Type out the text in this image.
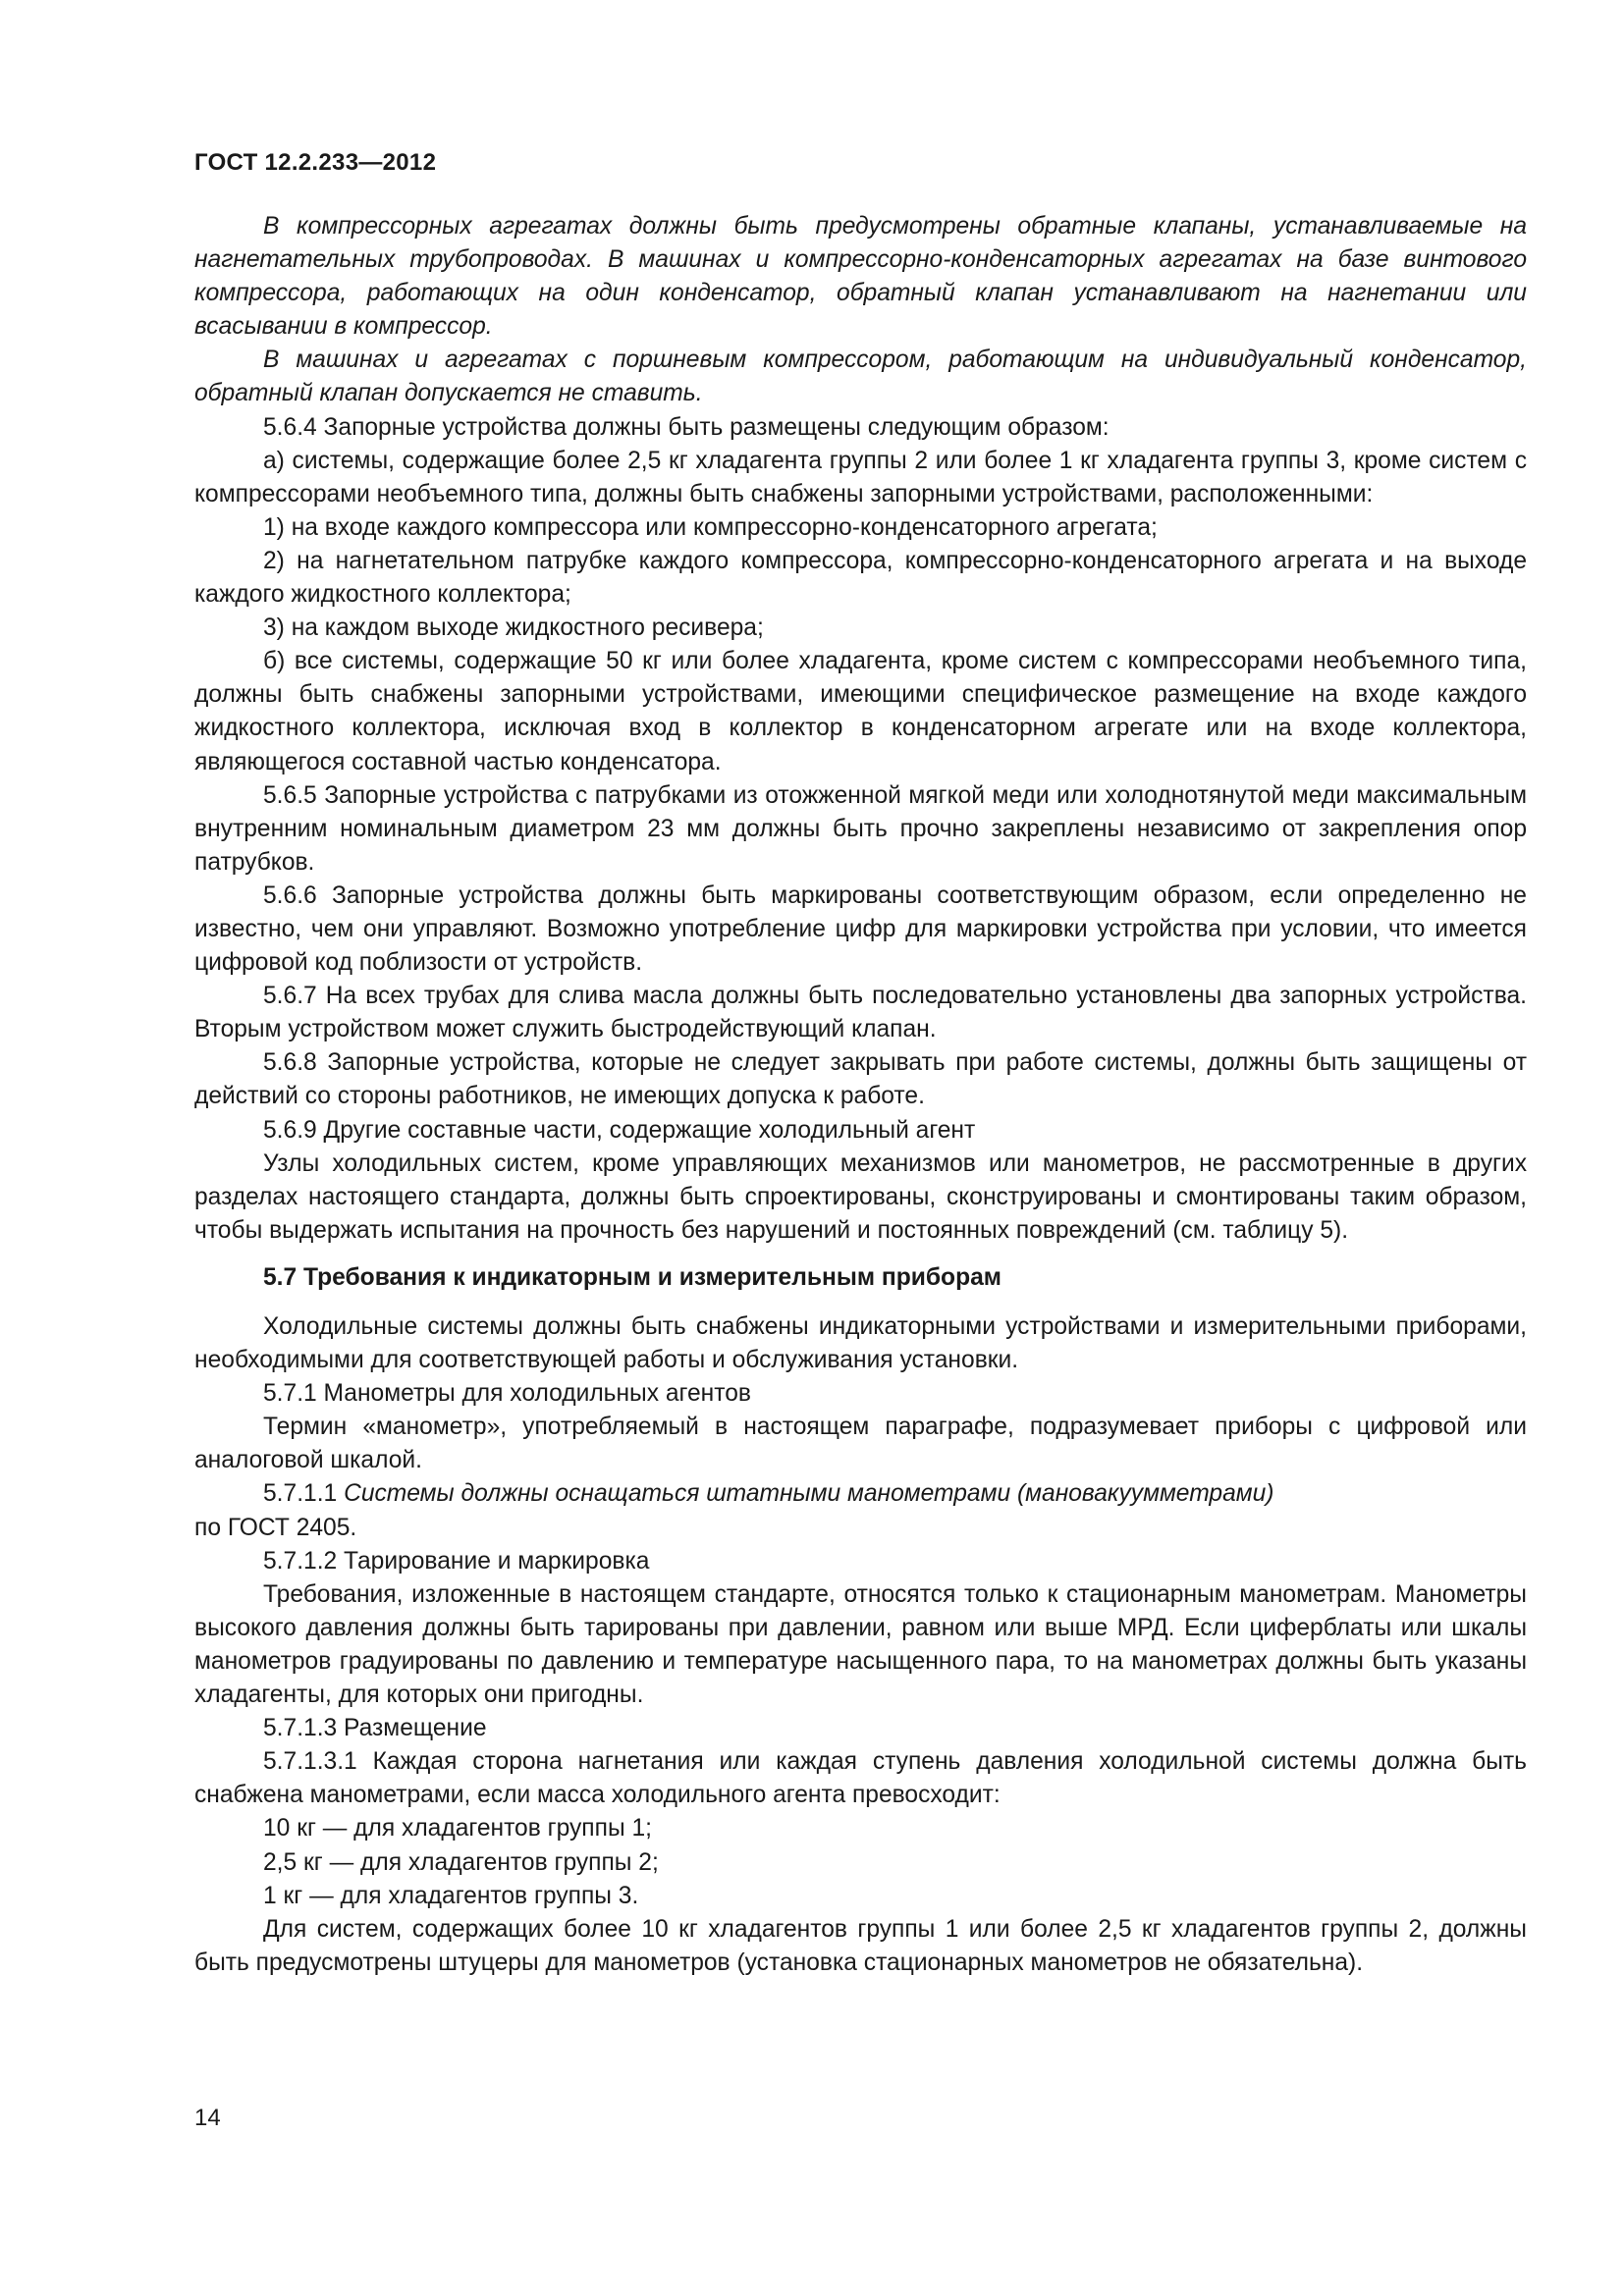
ГОСТ 12.2.233—2012

В компрессорных агрегатах должны быть предусмотрены обратные клапаны, устанавливаемые на нагнетательных трубопроводах. В машинах и компрессорно-конденсаторных агрегатах на базе винтового компрессора, работающих на один конденсатор, обратный клапан устанавливают на нагнетании или всасывании в компрессор.

В машинах и агрегатах с поршневым компрессором, работающим на индивидуальный конденсатор, обратный клапан допускается не ставить.

5.6.4 Запорные устройства должны быть размещены следующим образом:

а) системы, содержащие более 2,5 кг хладагента группы 2 или более 1 кг хладагента группы 3, кроме систем с компрессорами необъемного типа, должны быть снабжены запорными устройствами, расположенными:

1) на входе каждого компрессора или компрессорно-конденсаторного агрегата;

2) на нагнетательном патрубке каждого компрессора, компрессорно-конденсаторного агрегата и на выходе каждого жидкостного коллектора;

3) на каждом выходе жидкостного ресивера;

б) все системы, содержащие 50 кг или более хладагента, кроме систем с компрессорами необъемного типа, должны быть снабжены запорными устройствами, имеющими специфическое размещение на входе каждого жидкостного коллектора, исключая вход в коллектор в конденсаторном агрегате или на входе коллектора, являющегося составной частью конденсатора.

5.6.5 Запорные устройства с патрубками из отожженной мягкой меди или холоднотянутой меди максимальным внутренним номинальным диаметром 23 мм должны быть прочно закреплены независимо от закрепления опор патрубков.

5.6.6 Запорные устройства должны быть маркированы соответствующим образом, если определенно не известно, чем они управляют. Возможно употребление цифр для маркировки устройства при условии, что имеется цифровой код поблизости от устройств.

5.6.7 На всех трубах для слива масла должны быть последовательно установлены два запорных устройства. Вторым устройством может служить быстродействующий клапан.

5.6.8 Запорные устройства, которые не следует закрывать при работе системы, должны быть защищены от действий со стороны работников, не имеющих допуска к работе.

5.6.9 Другие составные части, содержащие холодильный агент

Узлы холодильных систем, кроме управляющих механизмов или манометров, не рассмотренные в других разделах настоящего стандарта, должны быть спроектированы, сконструированы и смонтированы таким образом, чтобы выдержать испытания на прочность без нарушений и постоянных повреждений (см. таблицу 5).

5.7 Требования к индикаторным и измерительным приборам

Холодильные системы должны быть снабжены индикаторными устройствами и измерительными приборами, необходимыми для соответствующей работы и обслуживания установки.

5.7.1 Манометры для холодильных агентов

Термин «манометр», употребляемый в настоящем параграфе, подразумевает приборы с цифровой или аналоговой шкалой.

5.7.1.1 Системы должны оснащаться штатными манометрами (мановакуумметрами)
по ГОСТ 2405.

5.7.1.2 Тарирование и маркировка

Требования, изложенные в настоящем стандарте, относятся только к стационарным манометрам. Манометры высокого давления должны быть тарированы при давлении, равном или выше МРД. Если циферблаты или шкалы манометров градуированы по давлению и температуре насыщенного пара, то на манометрах должны быть указаны хладагенты, для которых они пригодны.

5.7.1.3 Размещение

5.7.1.3.1 Каждая сторона нагнетания или каждая ступень давления холодильной системы должна быть снабжена манометрами, если масса холодильного агента превосходит:

10 кг — для хладагентов группы 1;

2,5 кг — для хладагентов группы 2;

1 кг — для хладагентов группы 3.

Для систем, содержащих более 10 кг хладагентов группы 1 или более 2,5 кг хладагентов группы 2, должны быть предусмотрены штуцеры для манометров (установка стационарных манометров не обязательна).

14
